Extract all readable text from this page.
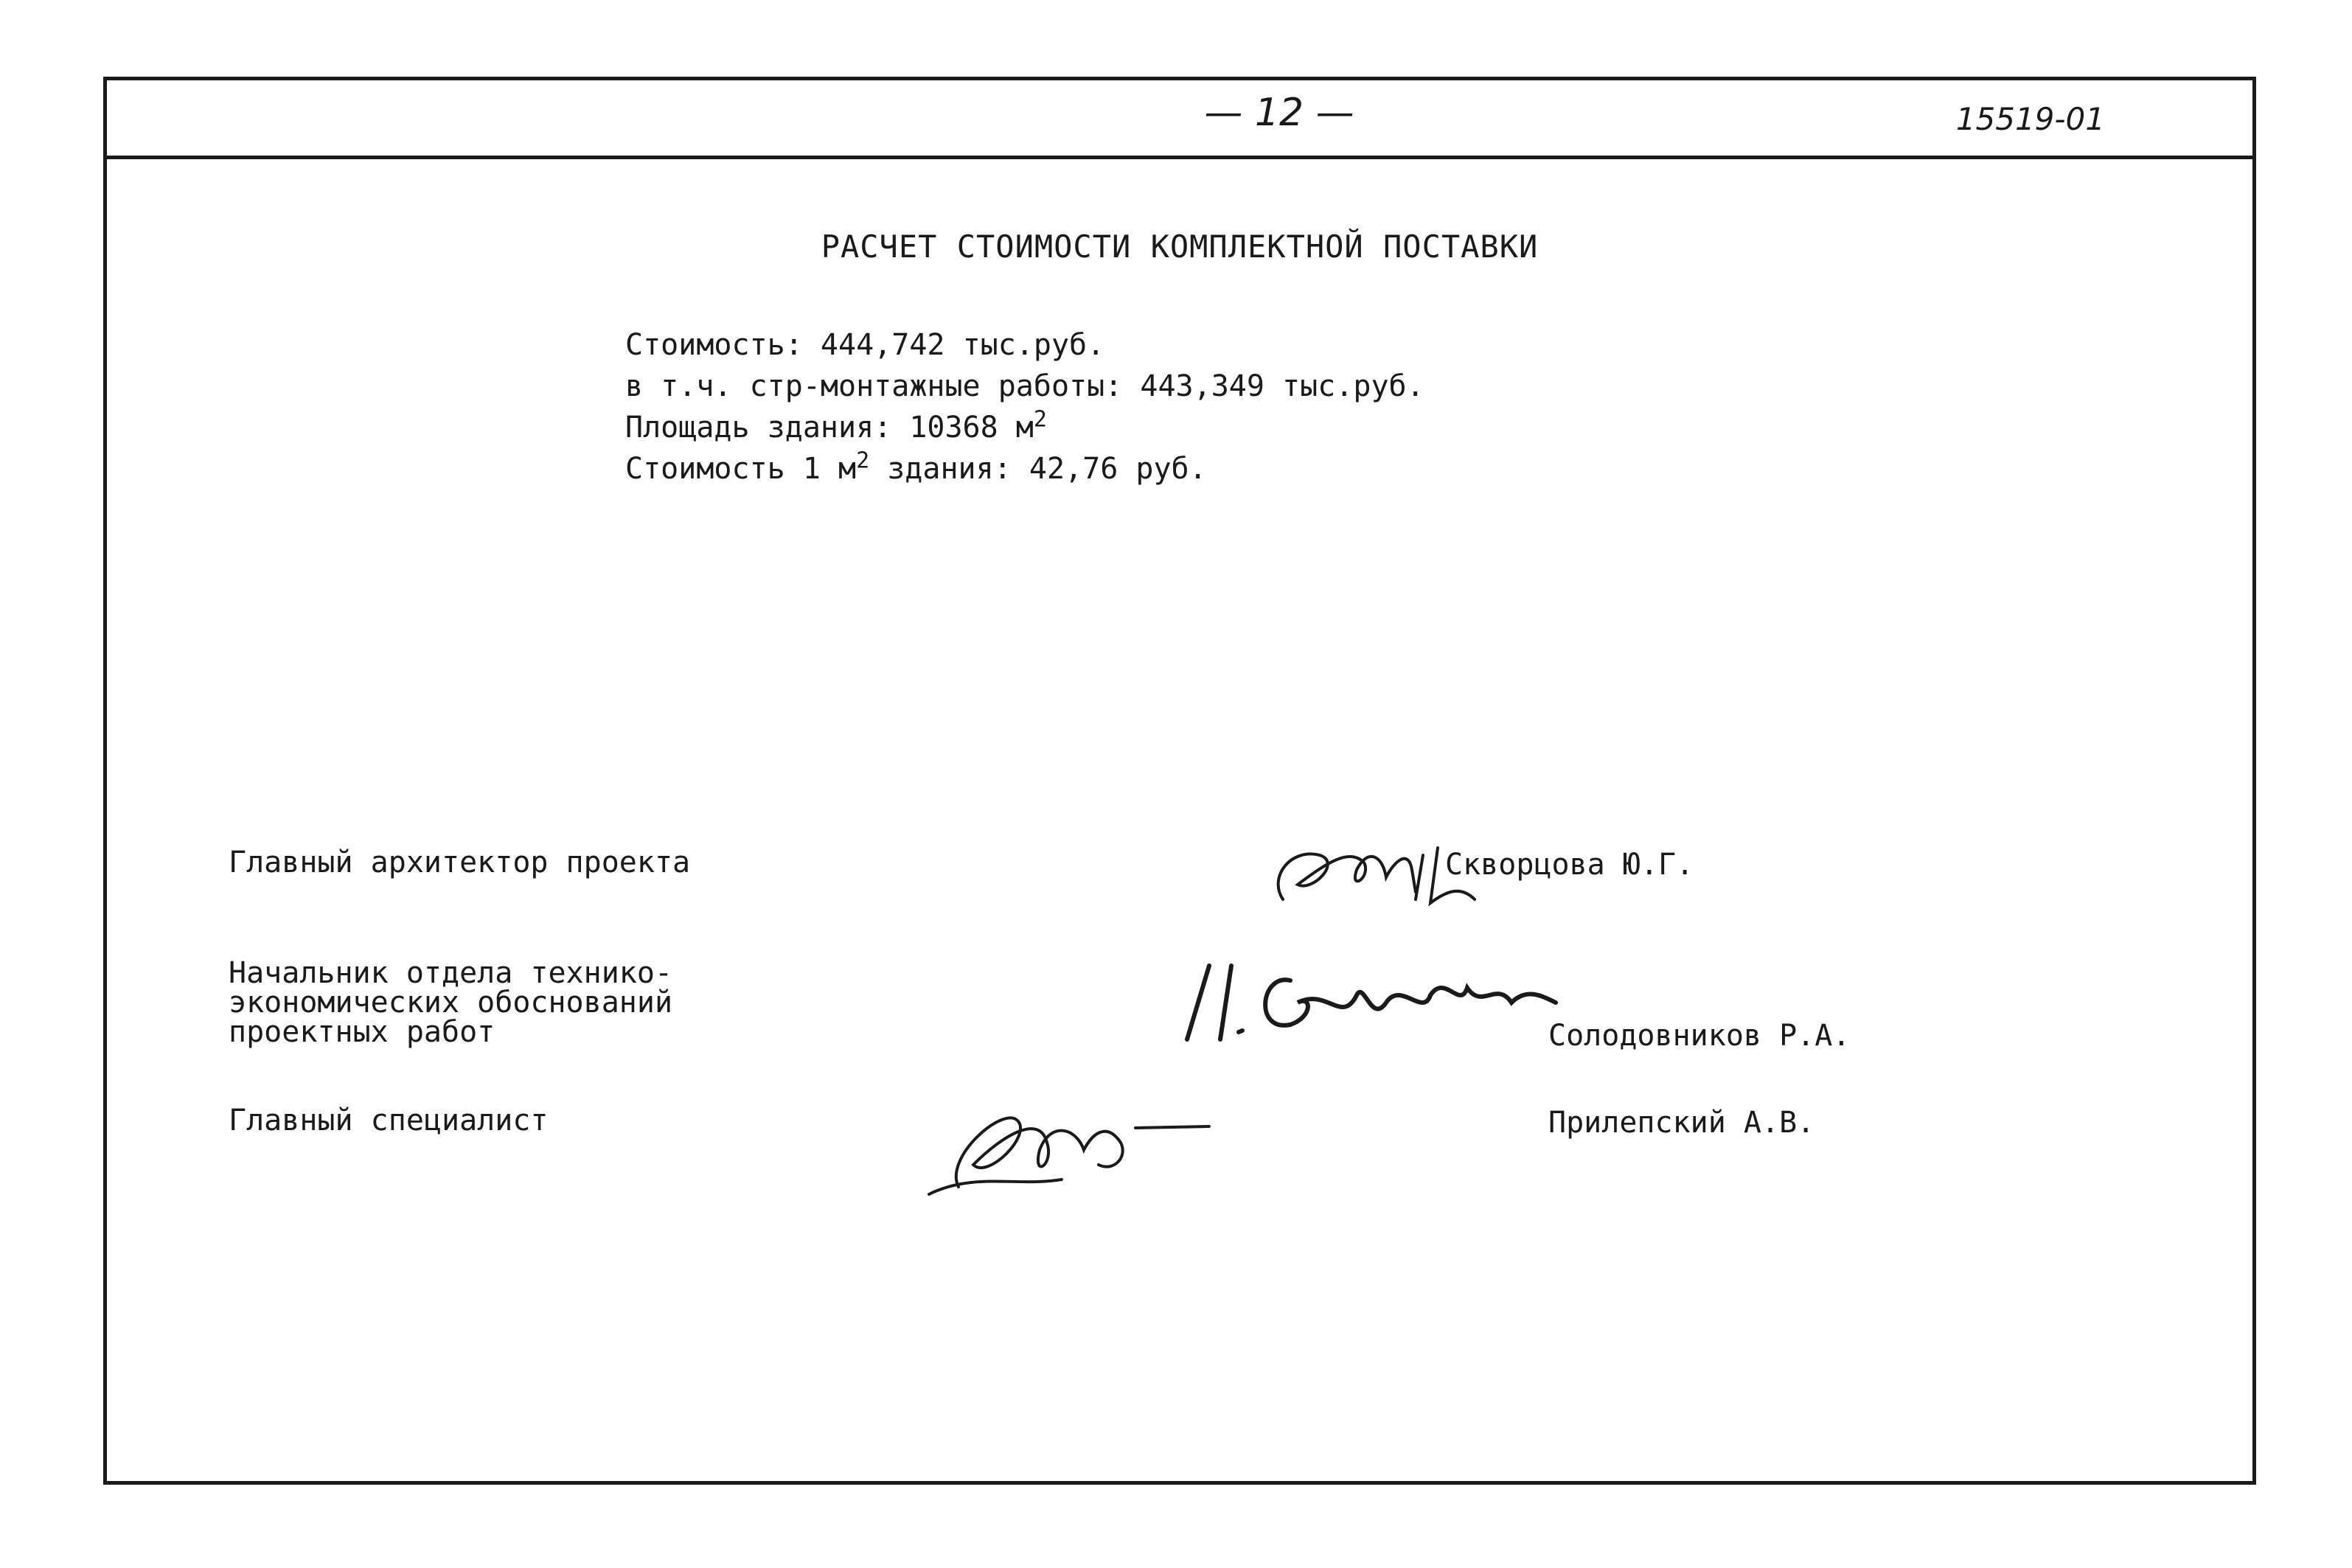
— 12 —	15519-01
РАСЧЕТ СТОИМОСТИ КОМПЛЕКТНОЙ ПОСТАВКИ
Стоимость: 444,742 тыс.руб.
в т.ч. стр-монтажные работы: 443,349 тыс.руб.
Площадь здания: 10368 $м^2$
Стоимость 1 $м^2$ здания: 42,76 руб.
Главный архитектор проекта	Скворцова Ю.Г.
Начальник отдела технико-
экономических обоснований
проектных работ	Солодовников Р.А.
Главный специалист	Прилепский А.В.
